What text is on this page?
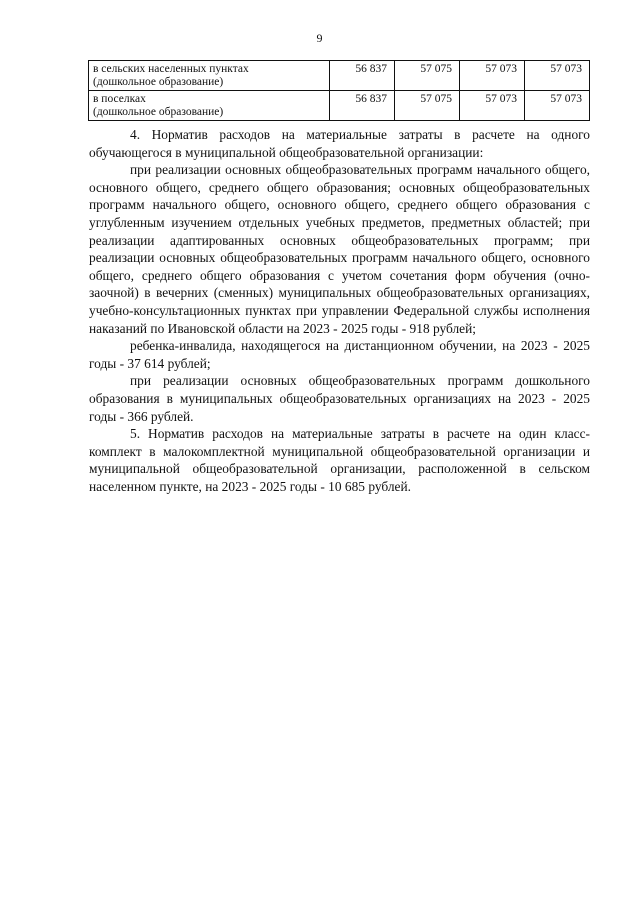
9
в сельских населенных пунктах
(дошкольное образование)	56 837	57 075	57 073	57 073
в поселках
(дошкольное образование)	56 837	57 075	57 073	57 073

4. Норматив расходов на материальные затраты в расчете на одного обучающегося в муниципальной общеобразовательной организации:

при реализации основных общеобразовательных программ начального общего, основного общего, среднего общего образования; основных общеобразовательных программ начального общего, основного общего, среднего общего образования с углубленным изучением отдельных учебных предметов, предметных областей; при реализации адаптированных основных общеобразовательных программ; при реализации основных общеобразовательных программ начального общего, основного общего, среднего общего образования с учетом сочетания форм обучения (очно-заочной) в вечерних (сменных) муниципальных общеобразовательных организациях, учебно-консультационных пунктах при управлении Федеральной службы исполнения наказаний по Ивановской области на 2023 - 2025 годы - 918 рублей;

ребенка-инвалида, находящегося на дистанционном обучении, на 2023 - 2025 годы - 37 614 рублей;

при реализации основных общеобразовательных программ дошкольного образования в муниципальных общеобразовательных организациях на 2023 - 2025 годы - 366 рублей.

5. Норматив расходов на материальные затраты в расчете на один класс-комплект в малокомплектной муниципальной общеобразовательной организации и муниципальной общеобразовательной организации, расположенной в сельском населенном пункте, на 2023 - 2025 годы - 10 685 рублей.
